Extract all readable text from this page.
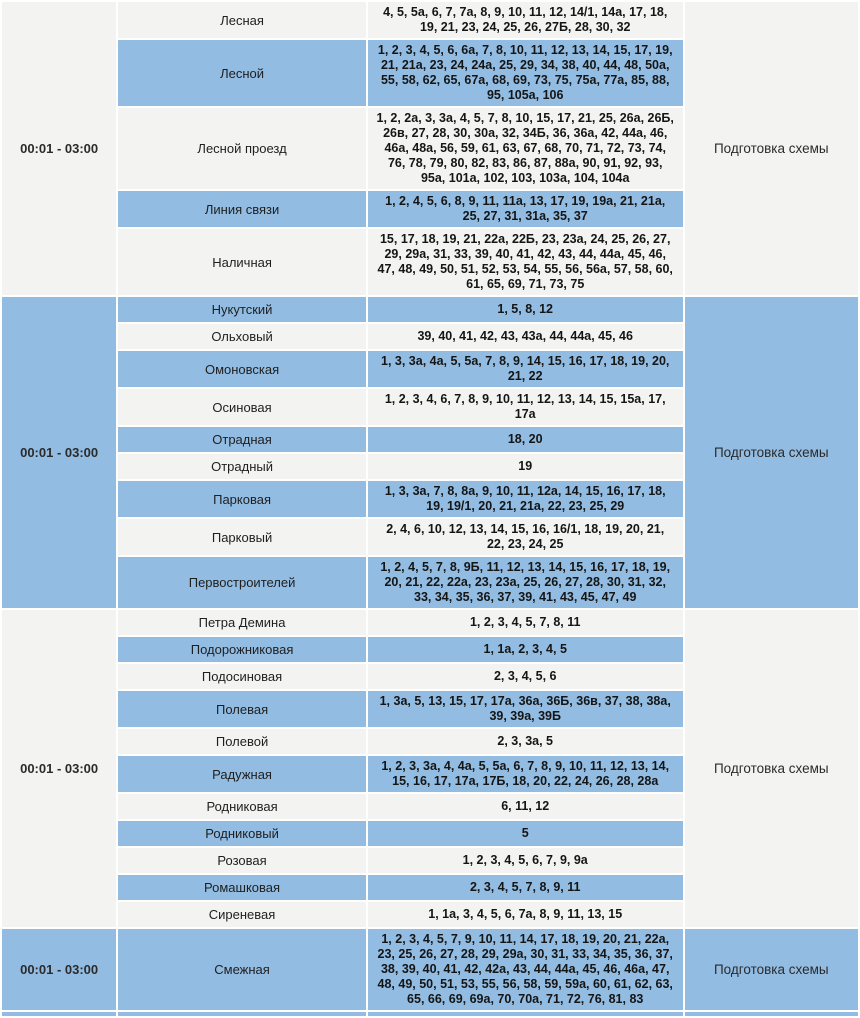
00:01 - 03:00	Лесная	4, 5, 5а, 6, 7, 7а, 8, 9, 10, 11, 12, 14/1, 14а, 17, 18, 19, 21, 23, 24, 25, 26, 27Б, 28, 30, 32	Подготовка схемы
	Лесной	1, 2, 3, 4, 5, 6, 6а, 7, 8, 10, 11, 12, 13, 14, 15, 17, 19, 21, 21а, 23, 24, 24а, 25, 29, 34, 38, 40, 44, 48, 50а, 55, 58, 62, 65, 67а, 68, 69, 73, 75, 75а, 77а, 85, 88, 95, 105а, 106	
	Лесной проезд	1, 2, 2а, 3, 3а, 4, 5, 7, 8, 10, 15, 17, 21, 25, 26а, 26Б, 26в, 27, 28, 30, 30а, 32, 34Б, 36, 36а, 42, 44а, 46, 46а, 48а, 56, 59, 61, 63, 67, 68, 70, 71, 72, 73, 74, 76, 78, 79, 80, 82, 83, 86, 87, 88а, 90, 91, 92, 93, 95а, 101а, 102, 103, 103а, 104, 104а	
	Линия связи	1, 2, 4, 5, 6, 8, 9, 11, 11а, 13, 17, 19, 19а, 21, 21а, 25, 27, 31, 31а, 35, 37	
	Наличная	15, 17, 18, 19, 21, 22а, 22Б, 23, 23а, 24, 25, 26, 27, 29, 29а, 31, 33, 39, 40, 41, 42, 43, 44, 44а, 45, 46, 47, 48, 49, 50, 51, 52, 53, 54, 55, 56, 56а, 57, 58, 60, 61, 65, 69, 71, 73, 75	
00:01 - 03:00	Нукутский	1, 5, 8, 12	Подготовка схемы
	Ольховый	39, 40, 41, 42, 43, 43а, 44, 44а, 45, 46	
	Омоновская	1, 3, 3а, 4а, 5, 5а, 7, 8, 9, 14, 15, 16, 17, 18, 19, 20, 21, 22	
	Осиновая	1, 2, 3, 4, 6, 7, 8, 9, 10, 11, 12, 13, 14, 15, 15а, 17, 17а	
	Отрадная	18, 20	
	Отрадный	19	
	Парковая	1, 3, 3а, 7, 8, 8а, 9, 10, 11, 12а, 14, 15, 16, 17, 18, 19, 19/1, 20, 21, 21а, 22, 23, 25, 29	
	Парковый	2, 4, 6, 10, 12, 13, 14, 15, 16, 16/1, 18, 19, 20, 21, 22, 23, 24, 25	
	Первостроителей	1, 2, 4, 5, 7, 8, 9Б, 11, 12, 13, 14, 15, 16, 17, 18, 19, 20, 21, 22, 22а, 23, 23а, 25, 26, 27, 28, 30, 31, 32, 33, 34, 35, 36, 37, 39, 41, 43, 45, 47, 49	
00:01 - 03:00	Петра Демина	1, 2, 3, 4, 5, 7, 8, 11	Подготовка схемы
	Подорожниковая	1, 1а, 2, 3, 4, 5	
	Подосиновая	2, 3, 4, 5, 6	
	Полевая	1, 3а, 5, 13, 15, 17, 17а, 36а, 36Б, 36в, 37, 38, 38а, 39, 39а, 39Б	
	Полевой	2, 3, 3а, 5	
	Радужная	1, 2, 3, 3а, 4, 4а, 5, 5а, 6, 7, 8, 9, 10, 11, 12, 13, 14, 15, 16, 17, 17а, 17Б, 18, 20, 22, 24, 26, 28, 28а	
	Родниковая	6, 11, 12	
	Родниковый	5	
	Розовая	1, 2, 3, 4, 5, 6, 7, 9, 9а	
	Ромашковая	2, 3, 4, 5, 7, 8, 9, 11	
	Сиреневая	1, 1а, 3, 4, 5, 6, 7а, 8, 9, 11, 13, 15	
00:01 - 03:00	Смежная	1, 2, 3, 4, 5, 7, 9, 10, 11, 14, 17, 18, 19, 20, 21, 22а, 23, 25, 26, 27, 28, 29, 29а, 30, 31, 33, 34, 35, 36, 37, 38, 39, 40, 41, 42, 42а, 43, 44, 44а, 45, 46, 46а, 47, 48, 49, 50, 51, 53, 55, 56, 58, 59, 59а, 60, 61, 62, 63, 65, 66, 69, 69а, 70, 70а, 71, 72, 76, 81, 83	Подготовка схемы
